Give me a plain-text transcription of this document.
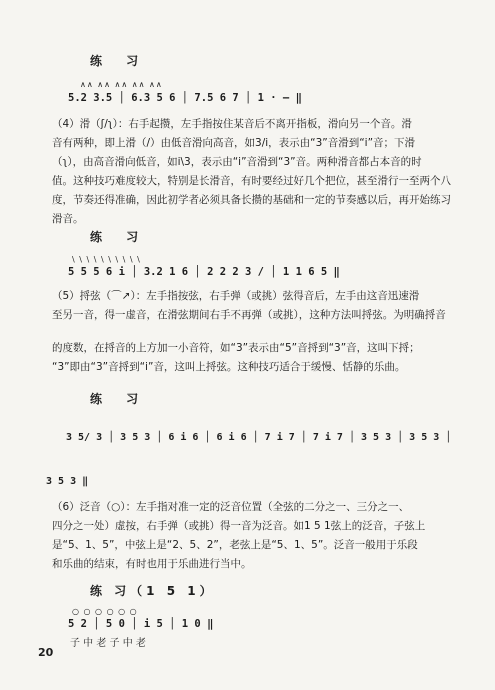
练 习
∧∧ ∧∧ ∧∧ ∧∧ ∧∧
5.2 3.5 │ 6.3 5 6 │ 7.5 6 7 │ 1 · — ‖
（4）滑（ʃ/ʅ）：右手起攒，左手指按住某音后不离开指板，滑向另一个音。滑
音有两种，即上滑（/）由低音滑向高音，如3/i，表示由“3”音滑到“i”音；下滑
（ʅ），由高音滑向低音，如i\3，表示由“i”音滑到“3”音。两种滑音都占本音的时
值。这种技巧难度较大，特别是长滑音，有时要经过好几个把位，甚至滑行一至两个八
度，节奏还得准确，因此初学者必须具备长攒的基础和一定的节奏感以后，再开始练习
滑音。
练 习
\ \ \ \ \ \ \ \ \ \
5 5 5 6 i │ 3.2 1 6 │ 2 2 2 3 / │ 1 1 6 5 ‖
（5）捋弦（⌒↗）：左手指按弦，右手弹（或挑）弦得音后，左手由这音迅速滑
至另一音，得一虚音，在滑弦期间右手不再弹（或挑），这种方法叫捋弦。为明确捋音
的度数，在捋音的上方加一小音符，如“3”表示由“5”音捋到“3”音，这叫下捋；
“3”即由“3”音捋到“i”音，这叫上捋弦。这种技巧适合于缓慢、恬静的乐曲。
练 习
3 5/ 3 │ 3 5 3 │ 6 i 6 │ 6 i 6 │ 7 i 7 │ 7 i 7 │ 3 5 3 │ 3 5 3 │
3 5 3 ‖
（6）泛音（○）：左手指对准一定的泛音位置（全弦的二分之一、三分之一、
四分之一处）虚按，右手弹（或挑）得一音为泛音。如1 5 1弦上的泛音，子弦上
是“5、1、5”，中弦上是“2、5、2”，老弦上是“5、1、5”。泛音一般用于乐段
和乐曲的结束，有时也用于乐曲进行当中。
练 习（1 5 1）
○ ○ ○ ○ ○ ○
5 2 │ 5 0 │ i 5 │ 1 0 ‖
子 中 老 子 中 老
20
